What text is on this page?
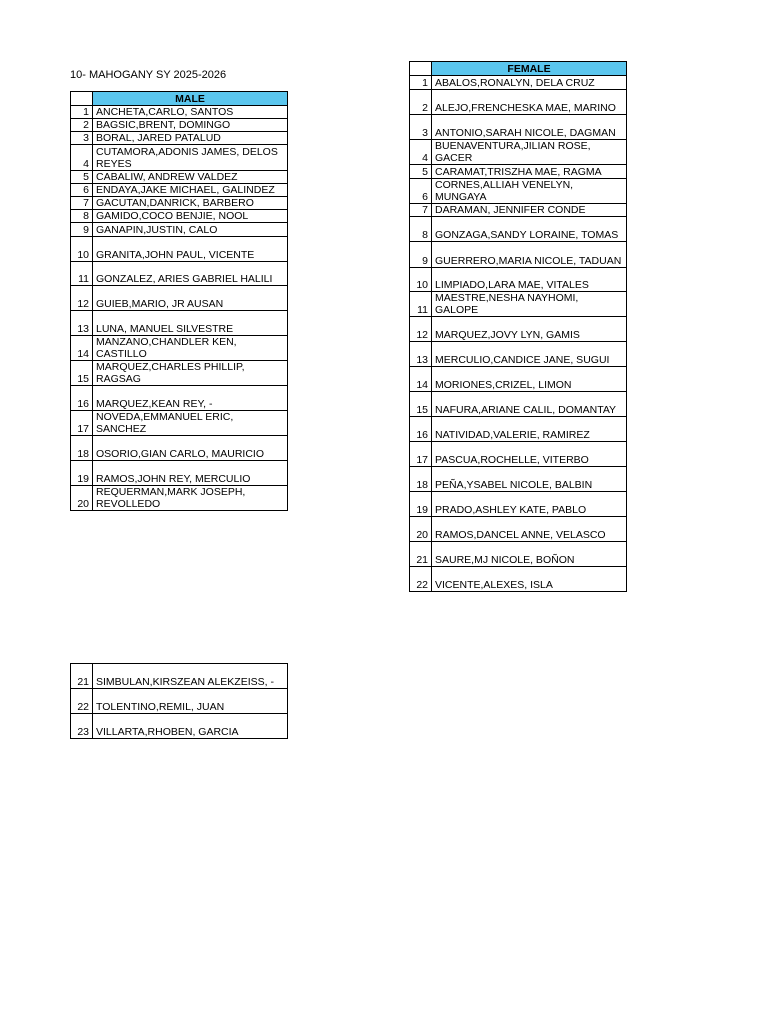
10- MAHOGANY SY 2025-2026
	MALE
1	ANCHETA,CARLO, SANTOS
2	BAGSIC,BRENT, DOMINGO
3	BORAL, JARED PATALUD
4	CUTAMORA,ADONIS JAMES, DELOS REYES
5	CABALIW, ANDREW VALDEZ
6	ENDAYA,JAKE MICHAEL, GALINDEZ
7	GACUTAN,DANRICK, BARBERO
8	GAMIDO,COCO BENJIE, NOOL
9	GANAPIN,JUSTIN, CALO
10	GRANITA,JOHN PAUL, VICENTE
11	GONZALEZ, ARIES GABRIEL HALILI
12	GUIEB,MARIO, JR AUSAN
13	LUNA, MANUEL SILVESTRE
14	MANZANO,CHANDLER KEN, CASTILLO
15	MARQUEZ,CHARLES PHILLIP, RAGSAG
16	MARQUEZ,KEAN REY, -
17	NOVEDA,EMMANUEL ERIC, SANCHEZ
18	OSORIO,GIAN CARLO, MAURICIO
19	RAMOS,JOHN REY, MERCULIO
20	REQUERMAN,MARK JOSEPH, REVOLLEDO
	FEMALE
1	ABALOS,RONALYN, DELA CRUZ
2	ALEJO,FRENCHESKA MAE, MARINO
3	ANTONIO,SARAH NICOLE, DAGMAN
4	BUENAVENTURA,JILIAN ROSE, GACER
5	CARAMAT,TRISZHA MAE, RAGMA
6	CORNES,ALLIAH VENELYN, MUNGAYA
7	DARAMAN, JENNIFER CONDE
8	GONZAGA,SANDY LORAINE, TOMAS
9	GUERRERO,MARIA NICOLE, TADUAN
10	LIMPIADO,LARA MAE, VITALES
11	MAESTRE,NESHA NAYHOMI, GALOPE
12	MARQUEZ,JOVY LYN, GAMIS
13	MERCULIO,CANDICE JANE, SUGUI
14	MORIONES,CRIZEL, LIMON
15	NAFURA,ARIANE CALIL, DOMANTAY
16	NATIVIDAD,VALERIE, RAMIREZ
17	PASCUA,ROCHELLE, VITERBO
18	PEÑA,YSABEL NICOLE, BALBIN
19	PRADO,ASHLEY KATE, PABLO
20	RAMOS,DANCEL ANNE, VELASCO
21	SAURE,MJ NICOLE, BOÑON
22	VICENTE,ALEXES, ISLA
21	SIMBULAN,KIRSZEAN ALEKZEISS, -
22	TOLENTINO,REMIL, JUAN
23	VILLARTA,RHOBEN, GARCIA
